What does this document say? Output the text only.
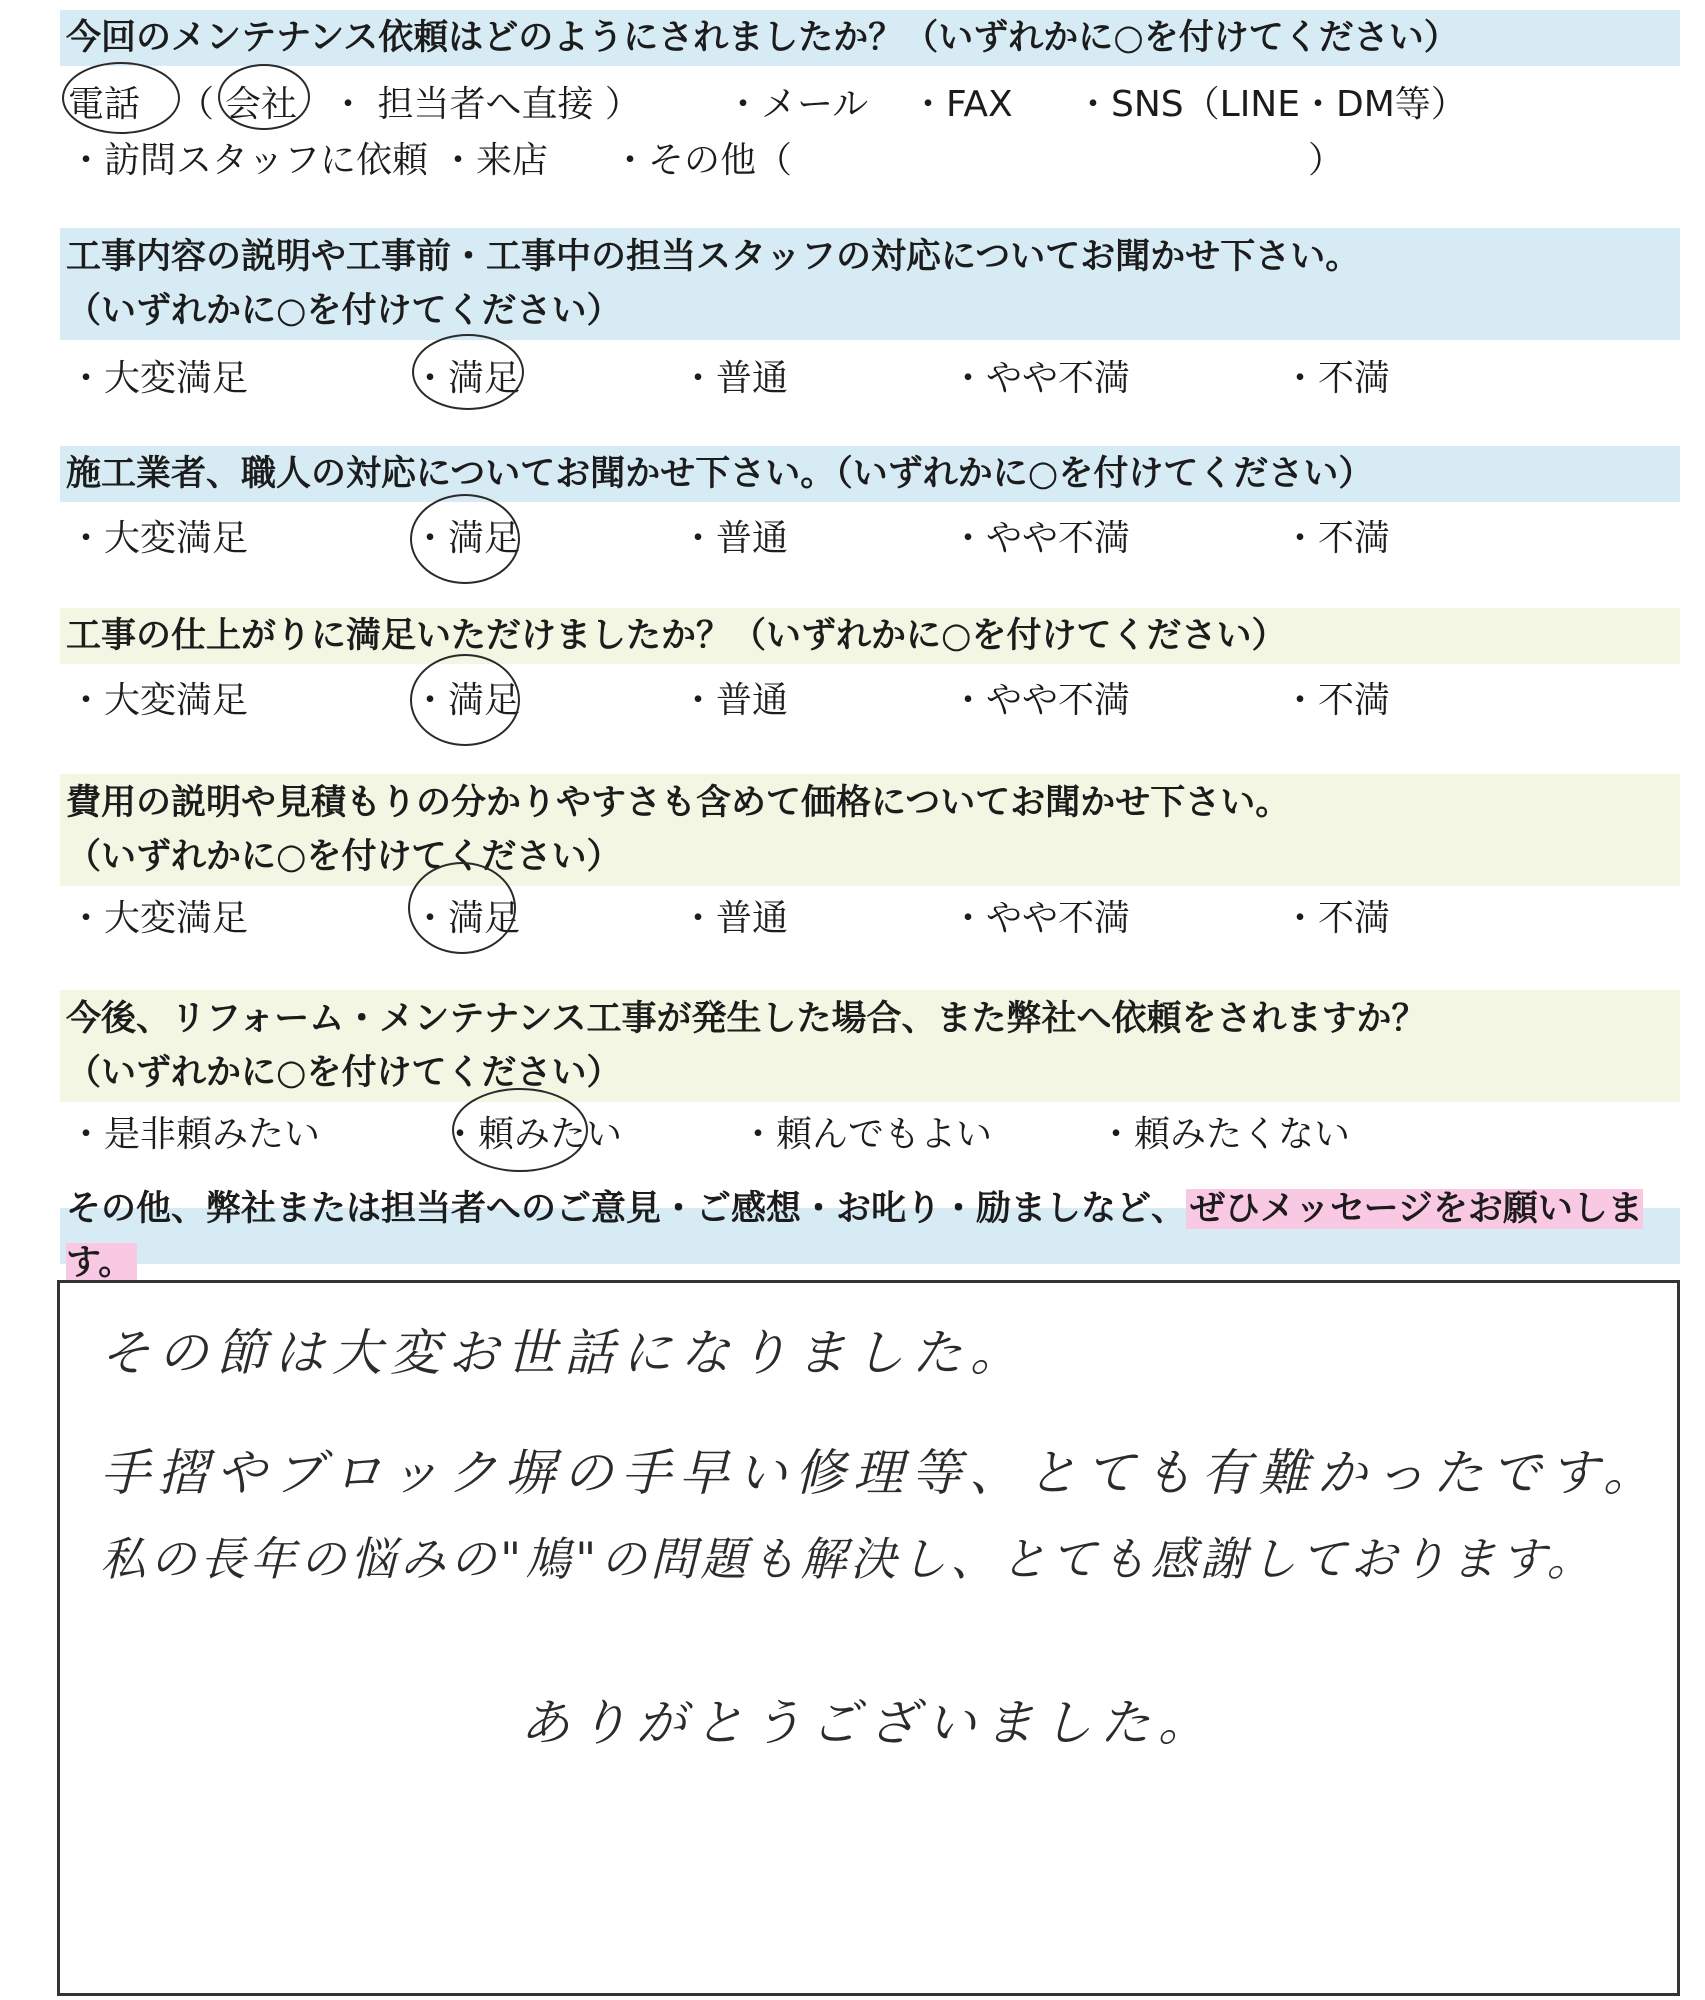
今回のメンテナンス依頼はどのようにされましたか？（いずれかに○を付けてください）
電話 （ 会社 ・ 担当者へ直接 ） ・メール ・FAX ・SNS（LINE・DM等）
・訪問スタッフに依頼 ・来店 ・その他（	）
工事内容の説明や工事前・工事中の担当スタッフの対応についてお聞かせ下さい。
（いずれかに○を付けてください）
・大変満足	・満足	・普通	・やや不満	・不満
施工業者、職人の対応についてお聞かせ下さい。（いずれかに○を付けてください）
・大変満足	・満足	・普通	・やや不満	・不満
工事の仕上がりに満足いただけましたか？（いずれかに○を付けてください）
・大変満足	・満足	・普通	・やや不満	・不満
費用の説明や見積もりの分かりやすさも含めて価格についてお聞かせ下さい。
（いずれかに○を付けてください）
・大変満足	・満足	・普通	・やや不満	・不満
今後、リフォーム・メンテナンス工事が発生した場合、また弊社へ依頼をされますか？
（いずれかに○を付けてください）
・是非頼みたい	・頼みたい	・頼んでもよい	・頼みたくない
その他、弊社または担当者へのご意見・ご感想・お叱り・励ましなど、 ぜひメッセージをお願いします。
その節は大変お世話になりました。
手摺やブロック塀の手早い修理等、とても有難かったです。
私の長年の悩みの"鳩"の問題も解決し、とても感謝しております。
ありがとうございました。
